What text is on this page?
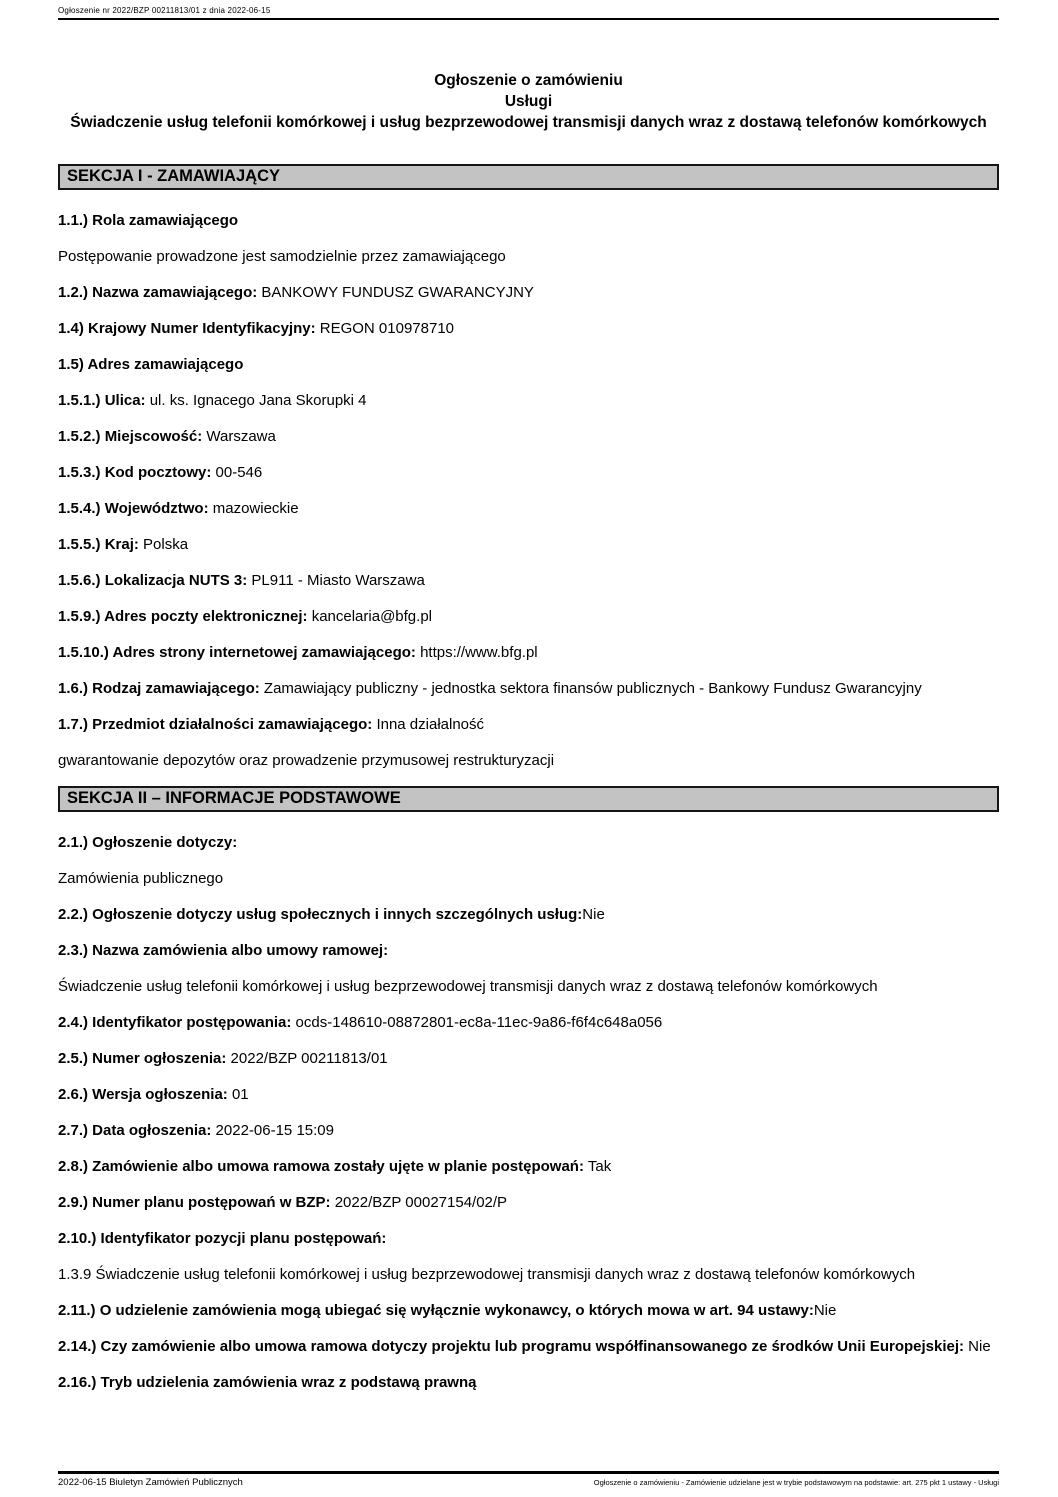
Ogłoszenie nr 2022/BZP 00211813/01 z dnia 2022-06-15
Ogłoszenie o zamówieniu
Usługi
Świadczenie usług telefonii komórkowej i usług bezprzewodowej transmisji danych wraz z dostawą telefonów komórkowych
SEKCJA I - ZAMAWIAJĄCY

1.1.) Rola zamawiającego

Postępowanie prowadzone jest samodzielnie przez zamawiającego

1.2.) Nazwa zamawiającego: BANKOWY FUNDUSZ GWARANCYJNY

1.4) Krajowy Numer Identyfikacyjny: REGON 010978710

1.5) Adres zamawiającego

1.5.1.) Ulica: ul. ks. Ignacego Jana Skorupki 4

1.5.2.) Miejscowość: Warszawa

1.5.3.) Kod pocztowy: 00-546

1.5.4.) Województwo: mazowieckie

1.5.5.) Kraj: Polska

1.5.6.) Lokalizacja NUTS 3: PL911 - Miasto Warszawa

1.5.9.) Adres poczty elektronicznej: kancelaria@bfg.pl

1.5.10.) Adres strony internetowej zamawiającego: https://www.bfg.pl

1.6.) Rodzaj zamawiającego: Zamawiający publiczny - jednostka sektora finansów publicznych - Bankowy Fundusz Gwarancyjny

1.7.) Przedmiot działalności zamawiającego: Inna działalność

gwarantowanie depozytów oraz prowadzenie przymusowej restrukturyzacji

SEKCJA II – INFORMACJE PODSTAWOWE

2.1.) Ogłoszenie dotyczy:

Zamówienia publicznego

2.2.) Ogłoszenie dotyczy usług społecznych i innych szczególnych usług:Nie

2.3.) Nazwa zamówienia albo umowy ramowej:

Świadczenie usług telefonii komórkowej i usług bezprzewodowej transmisji danych wraz z dostawą telefonów komórkowych

2.4.) Identyfikator postępowania: ocds-148610-08872801-ec8a-11ec-9a86-f6f4c648a056

2.5.) Numer ogłoszenia: 2022/BZP 00211813/01

2.6.) Wersja ogłoszenia: 01

2.7.) Data ogłoszenia: 2022-06-15 15:09

2.8.) Zamówienie albo umowa ramowa zostały ujęte w planie postępowań: Tak

2.9.) Numer planu postępowań w BZP: 2022/BZP 00027154/02/P

2.10.) Identyfikator pozycji planu postępowań:

1.3.9 Świadczenie usług telefonii komórkowej i usług bezprzewodowej transmisji danych wraz z dostawą telefonów komórkowych

2.11.) O udzielenie zamówienia mogą ubiegać się wyłącznie wykonawcy, o których mowa w art. 94 ustawy:Nie

2.14.) Czy zamówienie albo umowa ramowa dotyczy projektu lub programu współfinansowanego ze środków Unii Europejskiej: Nie

2.16.) Tryb udzielenia zamówienia wraz z podstawą prawną

2022-06-15 Biuletyn Zamówień Publicznych	Ogłoszenie o zamówieniu - Zamówienie udzielane jest w trybie podstawowym na podstawie: art. 275 pkt 1 ustawy - Usługi
